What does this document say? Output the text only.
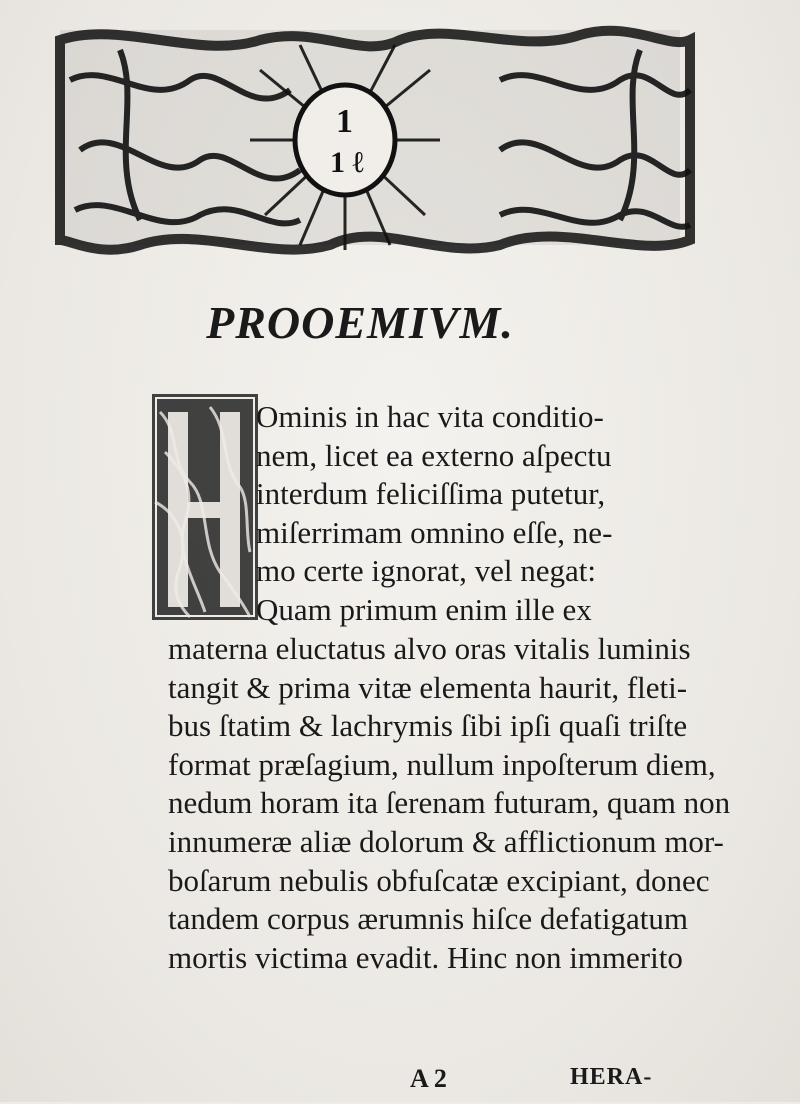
1
1 ℓ
PROOEMIVM.
Ominis in hac vita conditio-
nem, licet ea externo aſpectu
interdum feliciſſima putetur,
miſerrimam omnino eſſe, ne-
mo certe ignorat, vel negat:
Quam primum enim ille ex
materna eluctatus alvo oras vitalis luminis
tangit & prima vitæ elementa haurit, fleti-
bus ſtatim & lachrymis ſibi ipſi quaſi triſte
format præſagium, nullum inpoſterum diem,
nedum horam ita ſerenam futuram, quam non
innumeræ aliæ dolorum & afflictionum mor-
boſarum nebulis obfuſcatæ excipiant, donec
tandem corpus ærumnis hiſce defatigatum
mortis victima evadit. Hinc non immerito
A 2	HERA-
